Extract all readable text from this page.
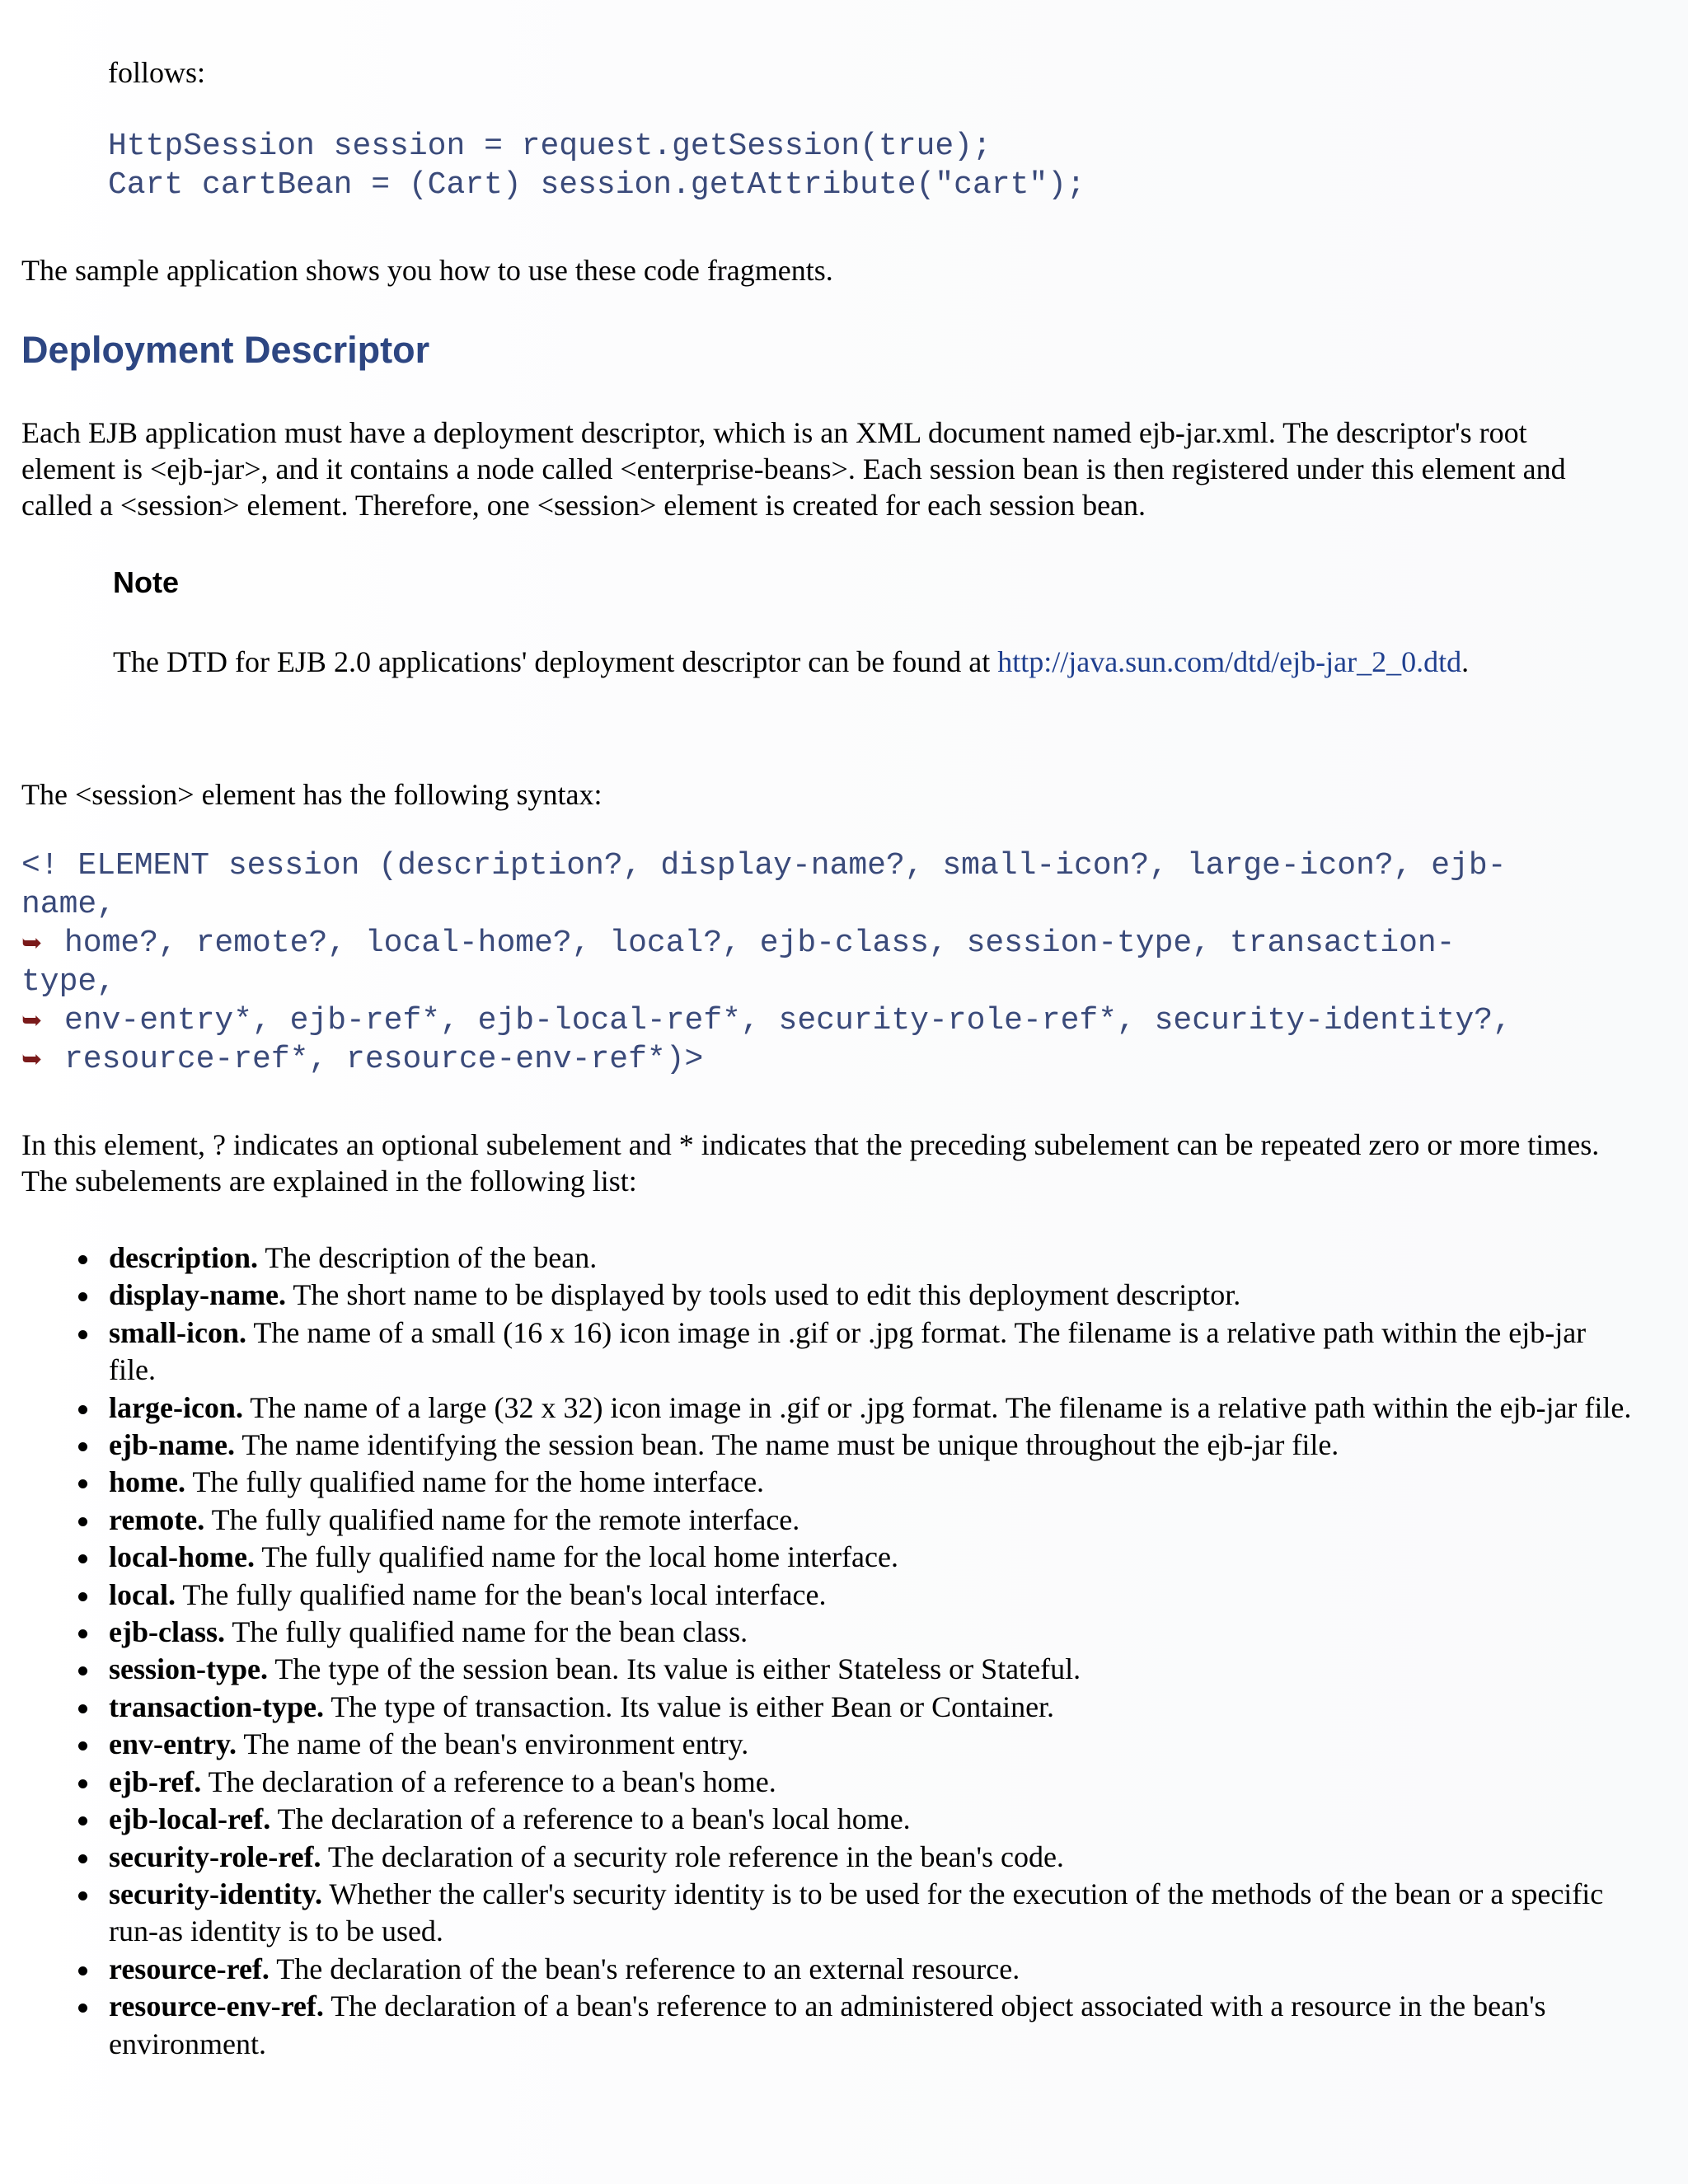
follows:
HttpSession session = request.getSession(true);
Cart cartBean = (Cart) session.getAttribute("cart");
The sample application shows you how to use these code fragments.
Deployment Descriptor
Each EJB application must have a deployment descriptor, which is an XML document named ejb-jar.xml. The descriptor's root
element is <ejb-jar>, and it contains a node called <enterprise-beans>. Each session bean is then registered under this element and
called a <session> element. Therefore, one <session> element is created for each session bean.
Note
The DTD for EJB 2.0 applications' deployment descriptor can be found at http://java.sun.com/dtd/ejb-jar_2_0.dtd.
The <session> element has the following syntax:
<! ELEMENT session (description?, display-name?, small-icon?, large-icon?, ejb-
name,
➥ home?, remote?, local-home?, local?, ejb-class, session-type, transaction-
type,
➥ env-entry*, ejb-ref*, ejb-local-ref*, security-role-ref*, security-identity?,
➥ resource-ref*, resource-env-ref*)>
In this element, ? indicates an optional subelement and * indicates that the preceding subelement can be repeated zero or more times.
The subelements are explained in the following list:
description. The description of the bean.
display-name. The short name to be displayed by tools used to edit this deployment descriptor.
small-icon. The name of a small (16 x 16) icon image in .gif or .jpg format. The filename is a relative path within the ejb-jar
file.
large-icon. The name of a large (32 x 32) icon image in .gif or .jpg format. The filename is a relative path within the ejb-jar file.
ejb-name. The name identifying the session bean. The name must be unique throughout the ejb-jar file.
home. The fully qualified name for the home interface.
remote. The fully qualified name for the remote interface.
local-home. The fully qualified name for the local home interface.
local. The fully qualified name for the bean's local interface.
ejb-class. The fully qualified name for the bean class.
session-type. The type of the session bean. Its value is either Stateless or Stateful.
transaction-type. The type of transaction. Its value is either Bean or Container.
env-entry. The name of the bean's environment entry.
ejb-ref. The declaration of a reference to a bean's home.
ejb-local-ref. The declaration of a reference to a bean's local home.
security-role-ref. The declaration of a security role reference in the bean's code.
security-identity. Whether the caller's security identity is to be used for the execution of the methods of the bean or a specific
run-as identity is to be used.
resource-ref. The declaration of the bean's reference to an external resource.
resource-env-ref. The declaration of a bean's reference to an administered object associated with a resource in the bean's
environment.
